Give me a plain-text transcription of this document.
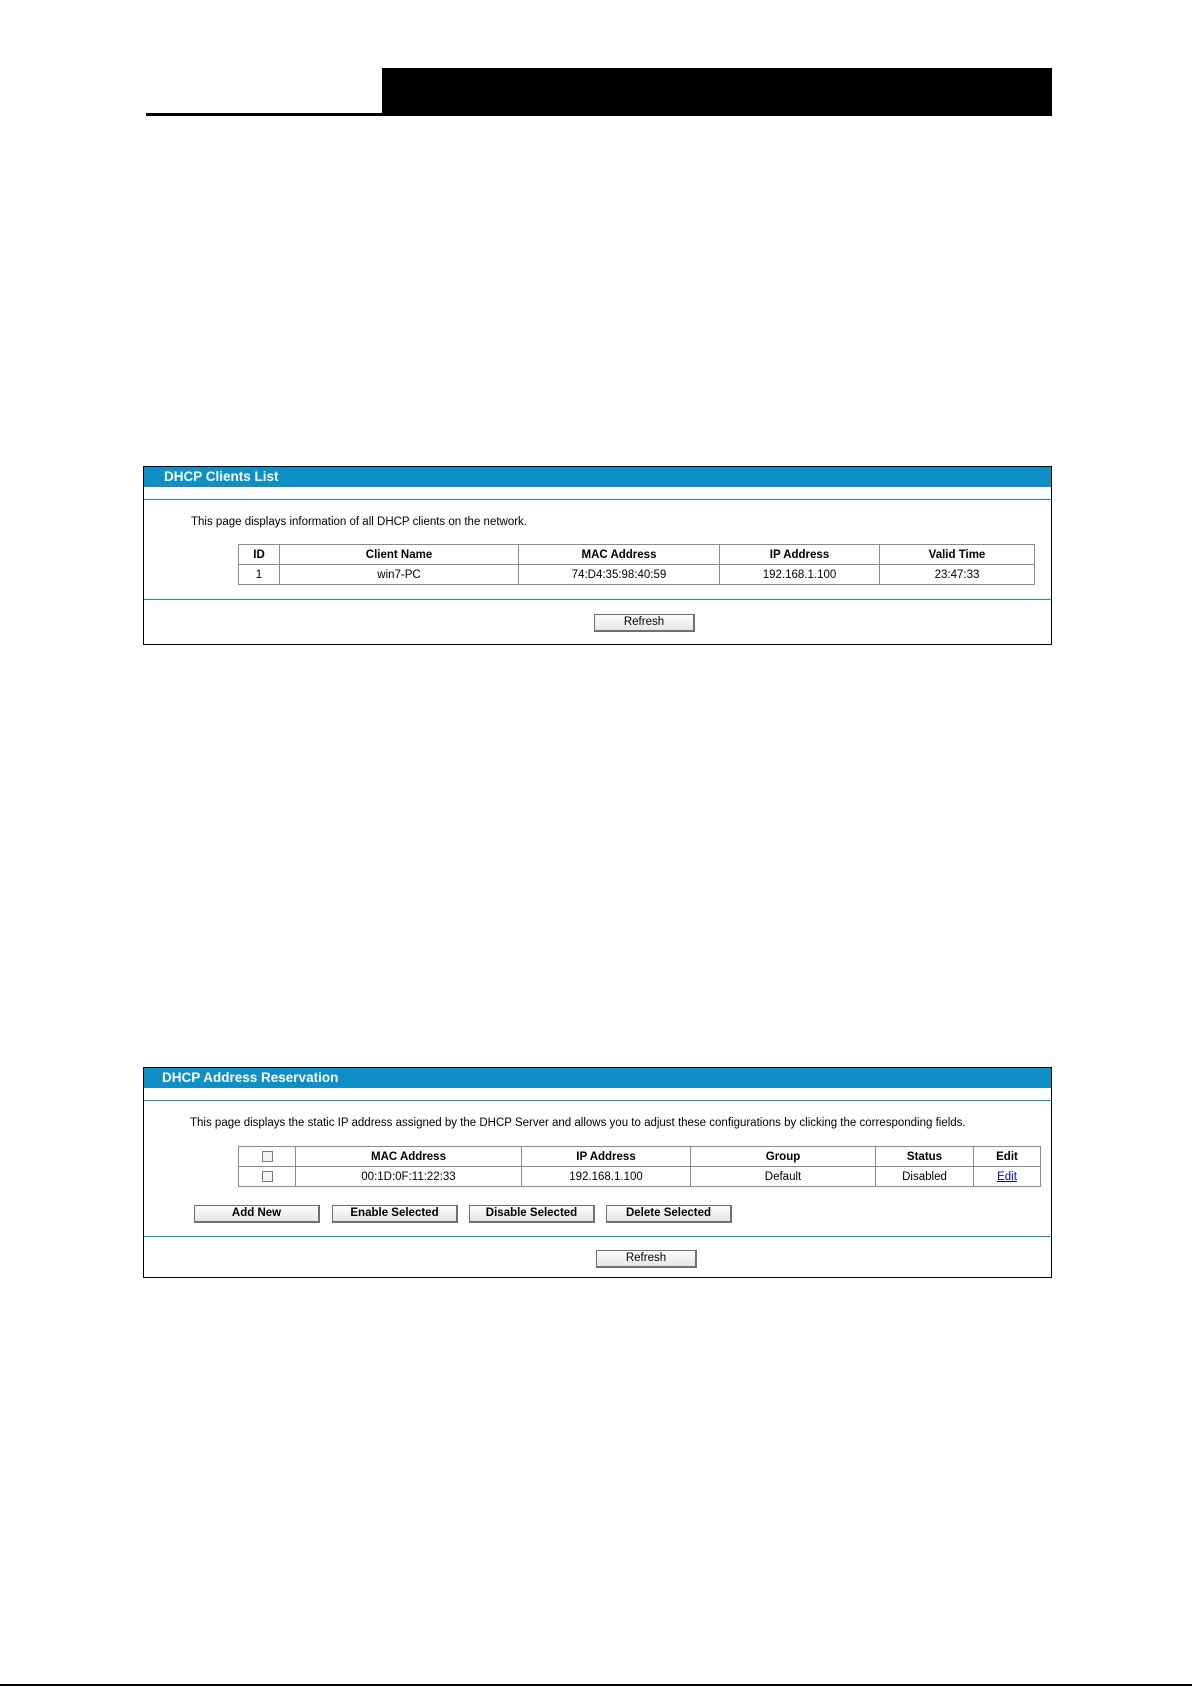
DHCP Clients List
This page displays information of all DHCP clients on the network.
ID	Client Name	MAC Address	IP Address	Valid Time
1	win7-PC	74:D4:35:98:40:59	192.168.1.100	23:47:33
Refresh
DHCP Address Reservation
This page displays the static IP address assigned by the DHCP Server and allows you to adjust these configurations by clicking the corresponding fields.
	MAC Address	IP Address	Group	Status	Edit
	00:1D:0F:11:22:33	192.168.1.100	Default	Disabled	Edit
Add New	Enable Selected	Disable Selected	Delete Selected
Refresh
